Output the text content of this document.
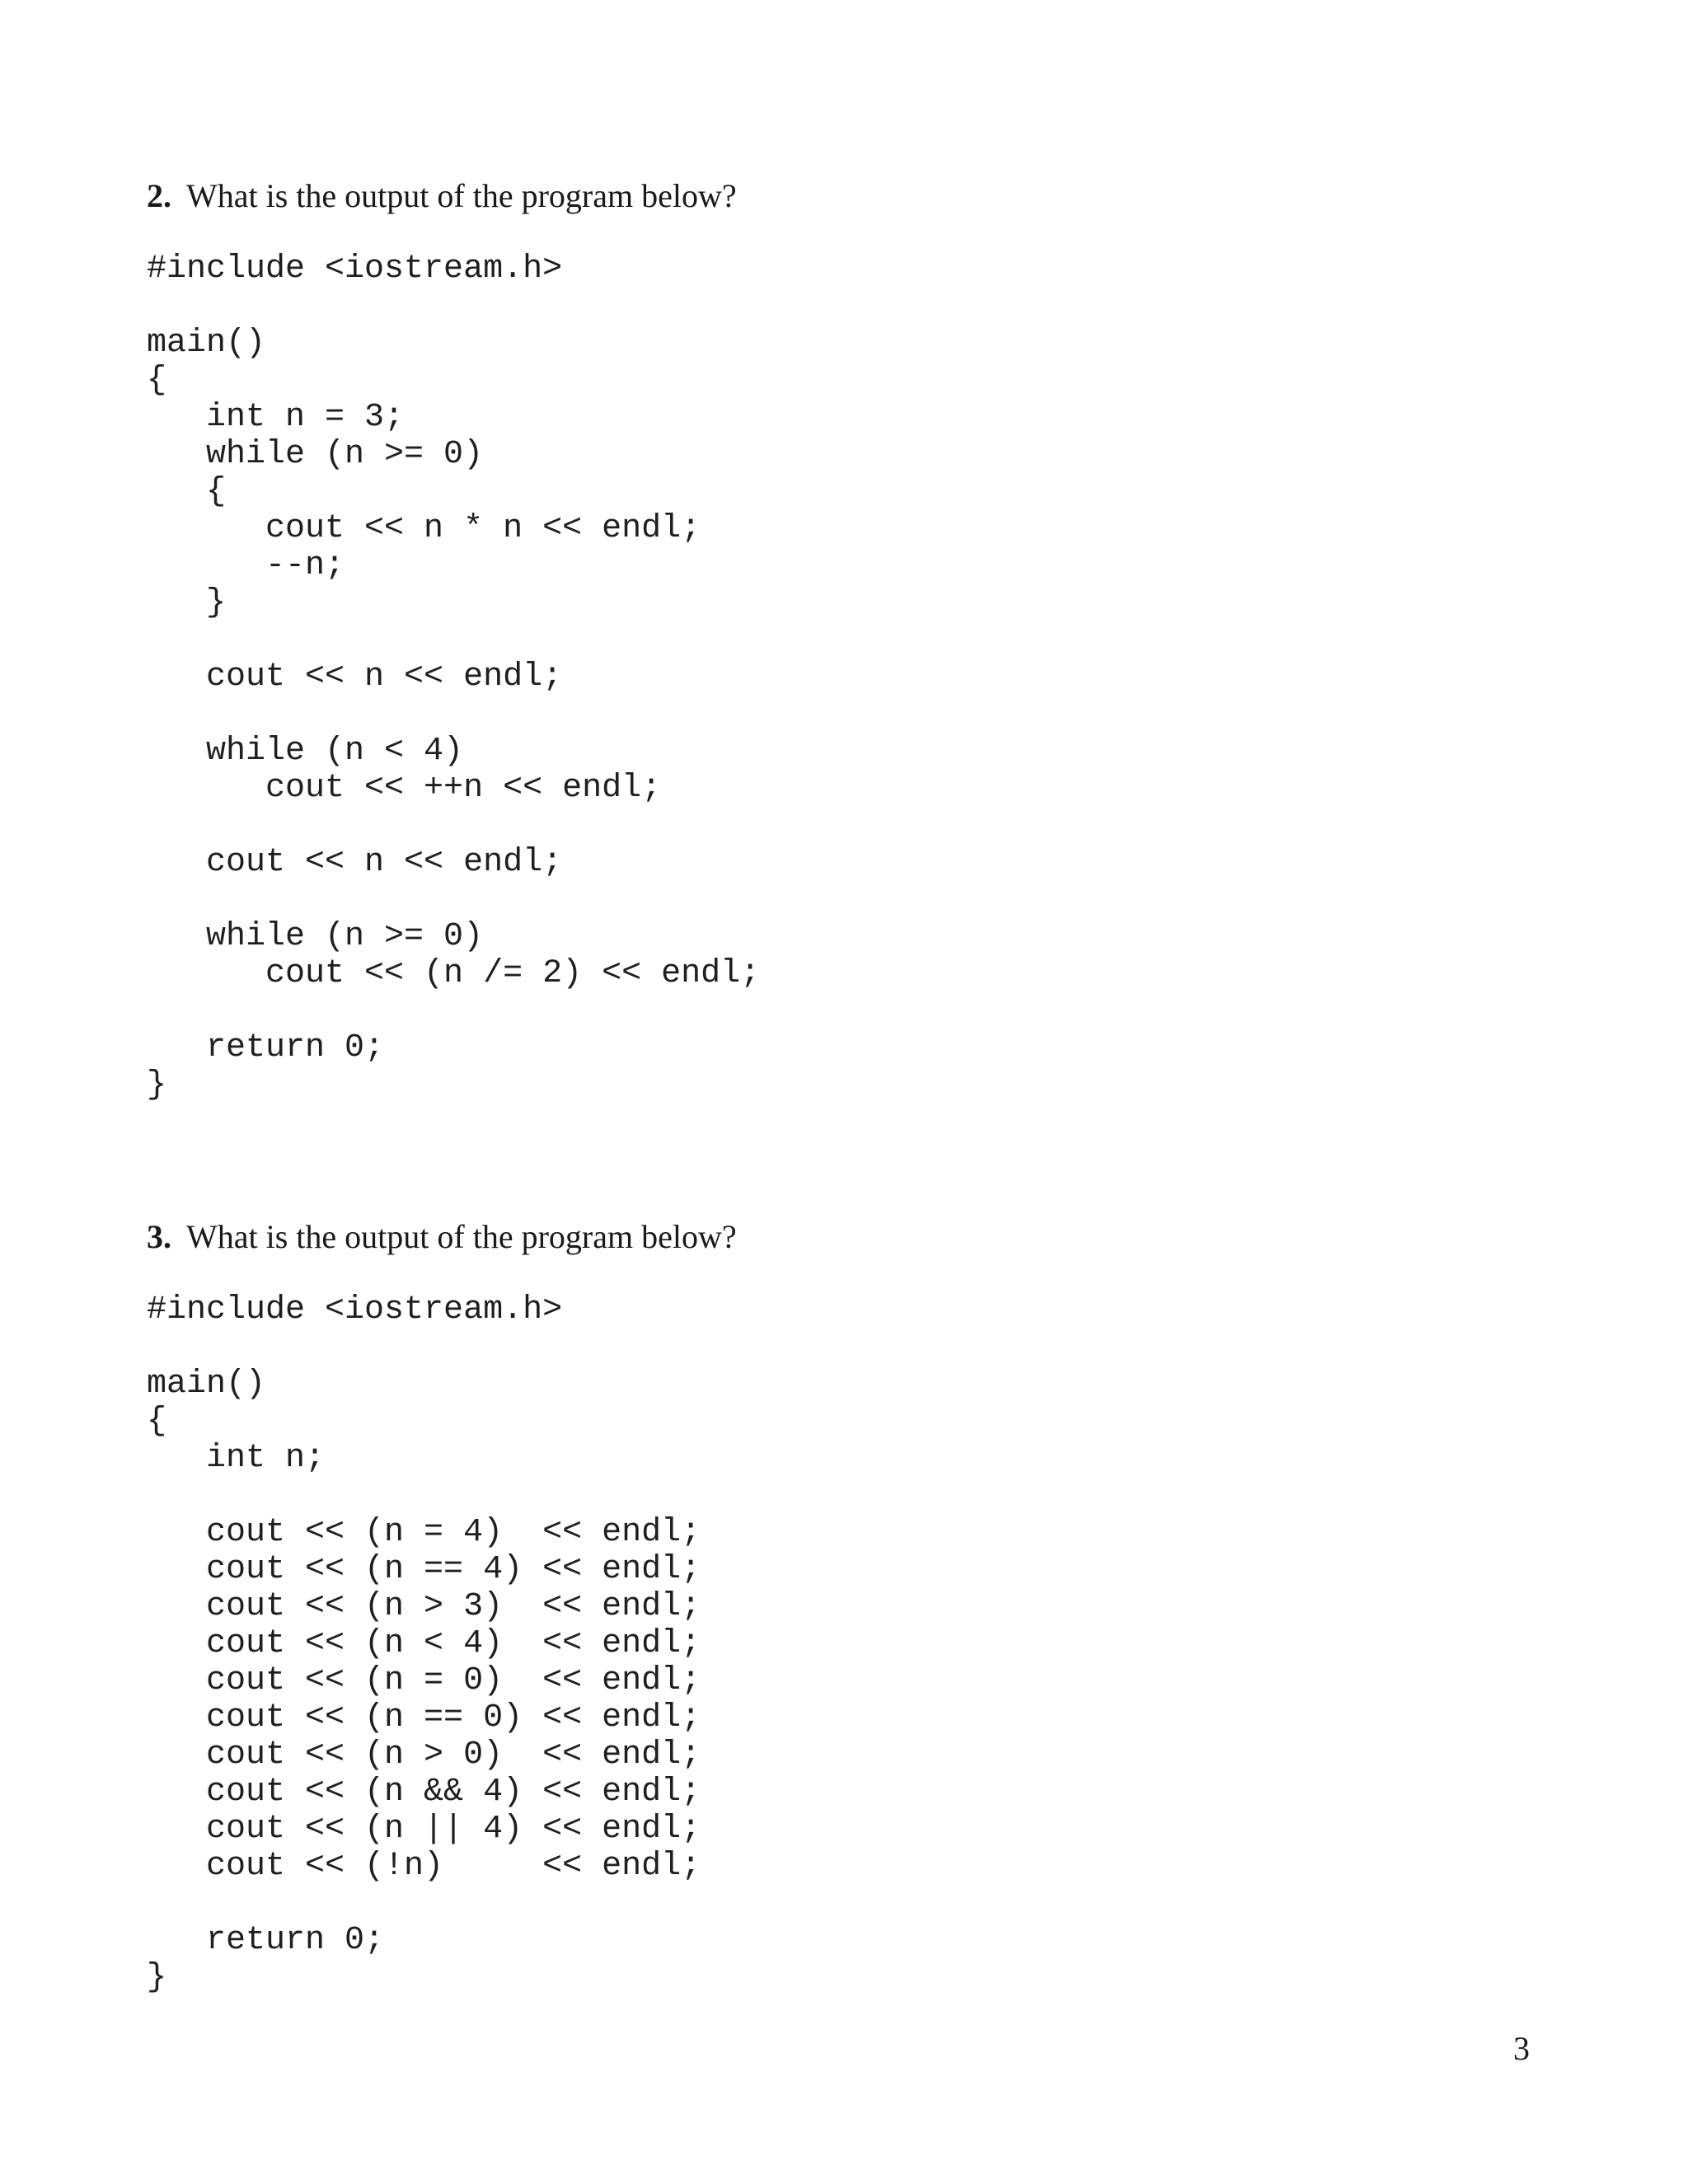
2. What is the output of the program below?

#include <iostream.h>
main()
{
int n = 3;
while (n >= 0)
{
cout << n * n << endl;
--n;
}
cout << n << endl;
while (n < 4)
cout << ++n << endl;
cout << n << endl;
while (n >= 0)
cout << (n /= 2) << endl;
return 0;
}

3. What is the output of the program below?

#include <iostream.h>
main()
{
int n;
cout << (n = 4)  << endl;
cout << (n == 4) << endl;
cout << (n > 3)  << endl;
cout << (n < 4)  << endl;
cout << (n = 0)  << endl;
cout << (n == 0) << endl;
cout << (n > 0)  << endl;
cout << (n && 4) << endl;
cout << (n || 4) << endl;
cout << (!n)     << endl;
return 0;
}
3
